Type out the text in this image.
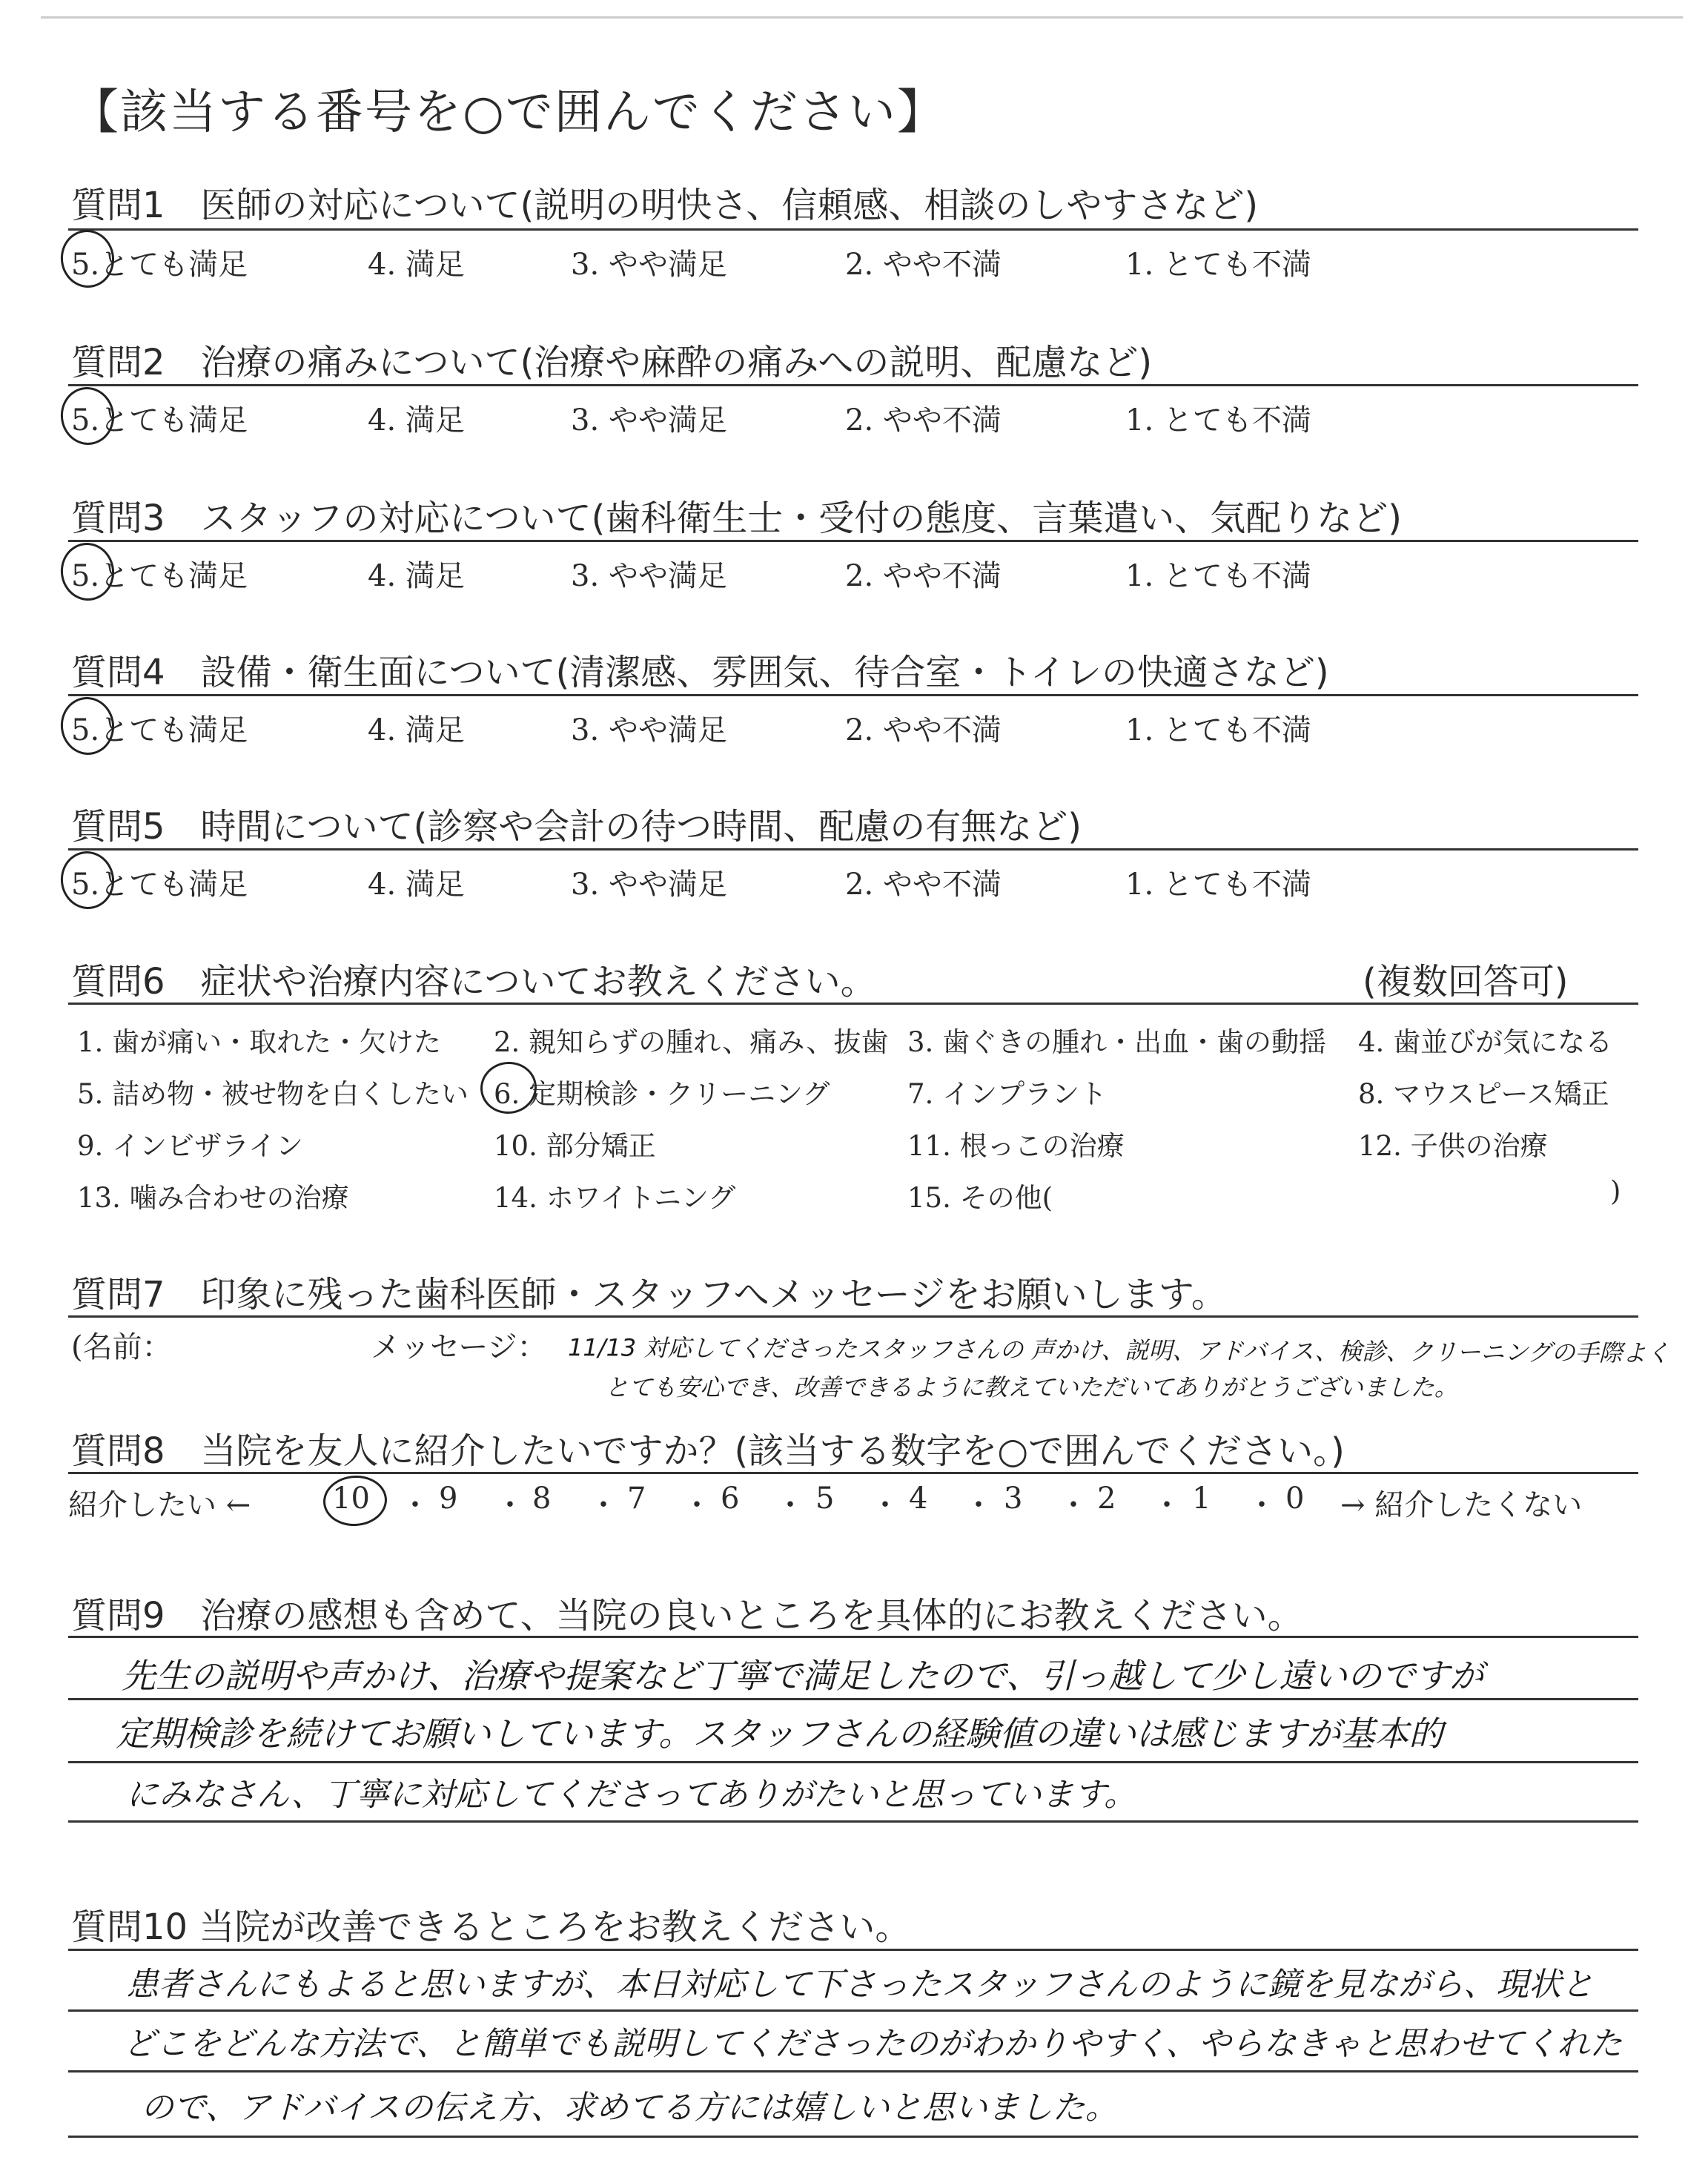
【該当する番号を○で囲んでください】
質問1　医師の対応について(説明の明快さ、信頼感、相談のしやすさなど)
5.とても満足	4. 満足	3. やや満足	2. やや不満	1. とても不満
質問2　治療の痛みについて(治療や麻酔の痛みへの説明、配慮など)
5.とても満足	4. 満足	3. やや満足	2. やや不満	1. とても不満
質問3　スタッフの対応について(歯科衛生士・受付の態度、言葉遣い、気配りなど)
5.とても満足	4. 満足	3. やや満足	2. やや不満	1. とても不満
質問4　設備・衛生面について(清潔感、雰囲気、待合室・トイレの快適さなど)
5.とても満足	4. 満足	3. やや満足	2. やや不満	1. とても不満
質問5　時間について(診察や会計の待つ時間、配慮の有無など)
5.とても満足	4. 満足	3. やや満足	2. やや不満	1. とても不満
質問6　症状や治療内容についてお教えください。	(複数回答可)
1. 歯が痛い・取れた・欠けた 2. 親知らずの腫れ、痛み、抜歯 3. 歯ぐきの腫れ・出血・歯の動揺 4. 歯並びが気になる
5. 詰め物・被せ物を白くしたい 6. 定期検診・クリーニング	7. インプラント	8. マウスピース矯正
9. インビザライン	10. 部分矯正	11. 根っこの治療	12. 子供の治療
13. 噛み合わせの治療	14. ホワイトニング	15. その他(	)
質問7　印象に残った歯科医師・スタッフへメッセージをお願いします。
(名前：	メッセージ： 11/13 対応してくださったスタッフさんの 声かけ、説明、アドバイス、検診、クリーニングの手際よく
とても安心でき、改善できるように教えていただいてありがとうございました。
質問8　当院を友人に紹介したいですか？(該当する数字を○で囲んでください。)
紹介したい ←	10 ・ 9 ・ 8 ・ 7 ・ 6 ・ 5 ・ 4 ・ 3 ・ 2 ・ 1 ・ 0 → 紹介したくない
質問9　治療の感想も含めて、当院の良いところを具体的にお教えください。
先生の説明や声かけ、治療や提案など丁寧で満足したので、引っ越して少し遠いのですが
定期検診を続けてお願いしています。スタッフさんの経験値の違いは感じますが基本的
にみなさん、丁寧に対応してくださってありがたいと思っています。
質問10 当院が改善できるところをお教えください。
患者さんにもよると思いますが、本日対応して下さったスタッフさんのように鏡を見ながら、現状と
どこをどんな方法で、と簡単でも説明してくださったのがわかりやすく、やらなきゃと思わせてくれた
ので、アドバイスの伝え方、求めてる方には嬉しいと思いました。
